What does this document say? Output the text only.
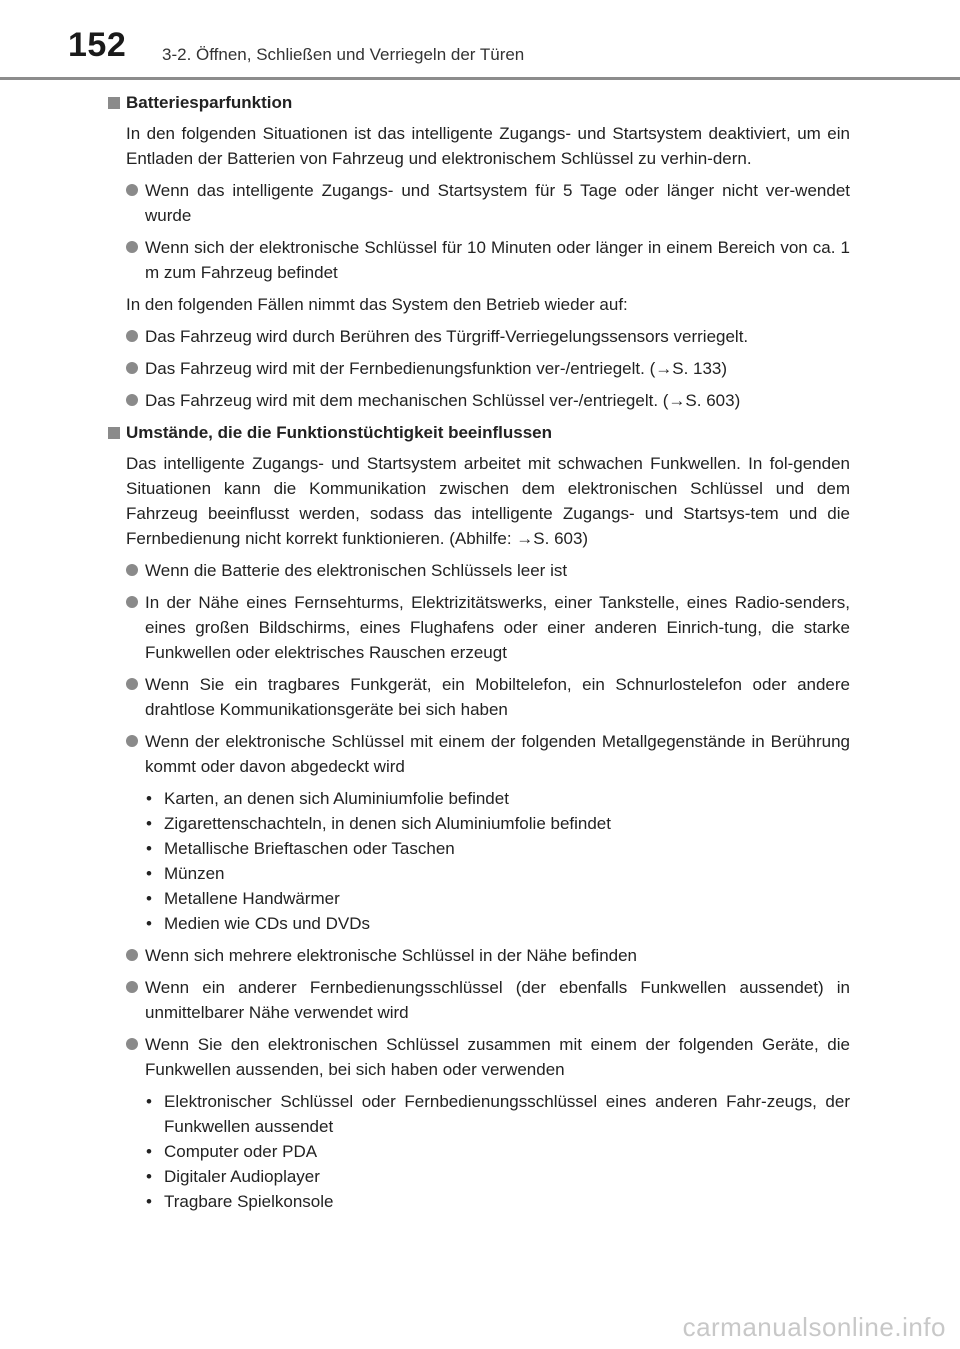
152 3-2. Öffnen, Schließen und Verriegeln der Türen
Batteriesparfunktion

In den folgenden Situationen ist das intelligente Zugangs- und Startsystem deaktiviert, um ein Entladen der Batterien von Fahrzeug und elektronischem Schlüssel zu verhin-dern.

Wenn das intelligente Zugangs- und Startsystem für 5 Tage oder länger nicht ver-wendet wurde
Wenn sich der elektronische Schlüssel für 10 Minuten oder länger in einem Bereich von ca. 1 m zum Fahrzeug befindet

In den folgenden Fällen nimmt das System den Betrieb wieder auf:

Das Fahrzeug wird durch Berühren des Türgriff-Verriegelungssensors verriegelt.
Das Fahrzeug wird mit der Fernbedienungsfunktion ver-/entriegelt. (→S. 133)
Das Fahrzeug wird mit dem mechanischen Schlüssel ver-/entriegelt. (→S. 603)
Umstände, die die Funktionstüchtigkeit beeinflussen

Das intelligente Zugangs- und Startsystem arbeitet mit schwachen Funkwellen. In fol-genden Situationen kann die Kommunikation zwischen dem elektronischen Schlüssel und dem Fahrzeug beeinflusst werden, sodass das intelligente Zugangs- und Startsys-tem und die Fernbedienung nicht korrekt funktionieren. (Abhilfe: →S. 603)

Wenn die Batterie des elektronischen Schlüssels leer ist
In der Nähe eines Fernsehturms, Elektrizitätswerks, einer Tankstelle, eines Radio-senders, eines großen Bildschirms, eines Flughafens oder einer anderen Einrich-tung, die starke Funkwellen oder elektrisches Rauschen erzeugt
Wenn Sie ein tragbares Funkgerät, ein Mobiltelefon, ein Schnurlostelefon oder andere drahtlose Kommunikationsgeräte bei sich haben
Wenn der elektronische Schlüssel mit einem der folgenden Metallgegenstände in Berührung kommt oder davon abgedeckt wird
• Karten, an denen sich Aluminiumfolie befindet
• Zigarettenschachteln, in denen sich Aluminiumfolie befindet
• Metallische Brieftaschen oder Taschen
• Münzen
• Metallene Handwärmer
• Medien wie CDs und DVDs
Wenn sich mehrere elektronische Schlüssel in der Nähe befinden
Wenn ein anderer Fernbedienungsschlüssel (der ebenfalls Funkwellen aussendet) in unmittelbarer Nähe verwendet wird
Wenn Sie den elektronischen Schlüssel zusammen mit einem der folgenden Geräte, die Funkwellen aussenden, bei sich haben oder verwenden
• Elektronischer Schlüssel oder Fernbedienungsschlüssel eines anderen Fahr-zeugs, der Funkwellen aussendet
• Computer oder PDA
• Digitaler Audioplayer
• Tragbare Spielkonsole
carmanualsonline.info
